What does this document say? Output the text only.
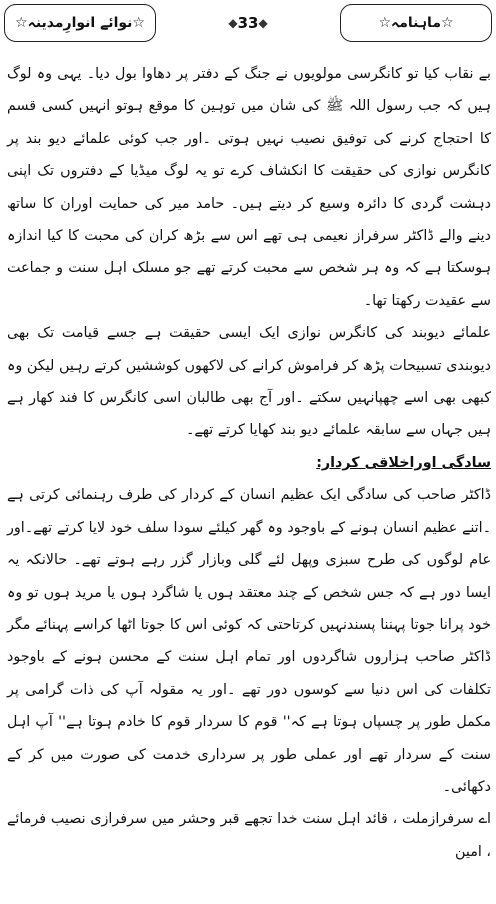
☆
نوائے انوارِمدینہ
☆	◆ 33 ◆	☆
ماہنامہ
☆

بے نقاب کیا تو کانگرسی مولویوں نے جنگ کے دفتر پر دھاوا بول دیا۔ یہی وہ لوگ ہیں کہ جب رسول اللہ ﷺ کی شان میں توہین کا موقع ہوتو انہیں کسی قسم کا احتجاج کرنے کی توفیق نصیب نہیں ہوتی ۔اور جب کوئی علمائے دیو بند پر کانگرس نوازی کی حقیقت کا انکشاف کرے تو یہ لوگ میڈیا کے دفتروں تک اپنی دہشت گردی کا دائرہ وسیع کر دیتے ہیں۔ حامد میر کی حمایت اوران کا ساتھ دینے والے ڈاکٹر سرفراز نعیمی ہی تھے اس سے بڑھ کران کی محبت کا کیا اندازہ ہوسکتا ہے کہ وہ ہر شخص سے محبت کرتے تھے جو مسلک اہل سنت و جماعت سے عقیدت رکھتا تھا۔

علمائے دیوبند کی کانگرس نوازی ایک ایسی حقیقت ہے جسے قیامت تک بھی دیوبندی تسبیحات پڑھ کر فراموش کرانے کی لاکھوں کوششیں کرتے رہیں لیکن وہ کبھی بھی اسے چھپانہیں سکتے ۔اور آج بھی طالبان اسی کانگرس کا فند کھار ہے ہیں جہاں سے سابقہ علمائے دیو بند کھایا کرتے تھے۔

سادگی اوراخلاقی کردار:

ڈاکٹر صاحب کی سادگی ایک عظیم انسان کے کردار کی طرف رہنمائی کرتی ہے ۔اتنے عظیم انسان ہونے کے باوجود وہ گھر کیلئے سودا سلف خود لایا کرتے تھے۔اور عام لوگوں کی طرح سبزی وپھل لئے گلی وبازار گزر رہے ہوتے تھے۔ حالانکہ یہ ایسا دور ہے کہ جس شخص کے چند معتقد ہوں یا شاگرد ہوں یا مرید ہوں تو وہ خود پرانا جوتا پہننا پسندنہیں کرتاحتی کہ کوئی اس کا جوتا اٹھا کراسے پہنائے مگر ڈاکٹر صاحب ہزاروں شاگردوں اور تمام اہل سنت کے محسن ہونے کے باوجود تکلفات کی اس دنیا سے کوسوں دور تھے ۔اور یہ مقولہ آپ کی ذات گرامی پر مکمل طور پر چسپاں ہوتا ہے کہ'' قوم کا سردار قوم کا خادم ہوتا ہے'' آپ اہل سنت کے سردار تھے اور عملی طور پر سرداری خدمت کی صورت میں کر کے دکھائی۔

اے سرفرازملت ، قائد اہل سنت خدا تجھے قبر وحشر میں سرفرازی نصیب فرمائے ، امین
